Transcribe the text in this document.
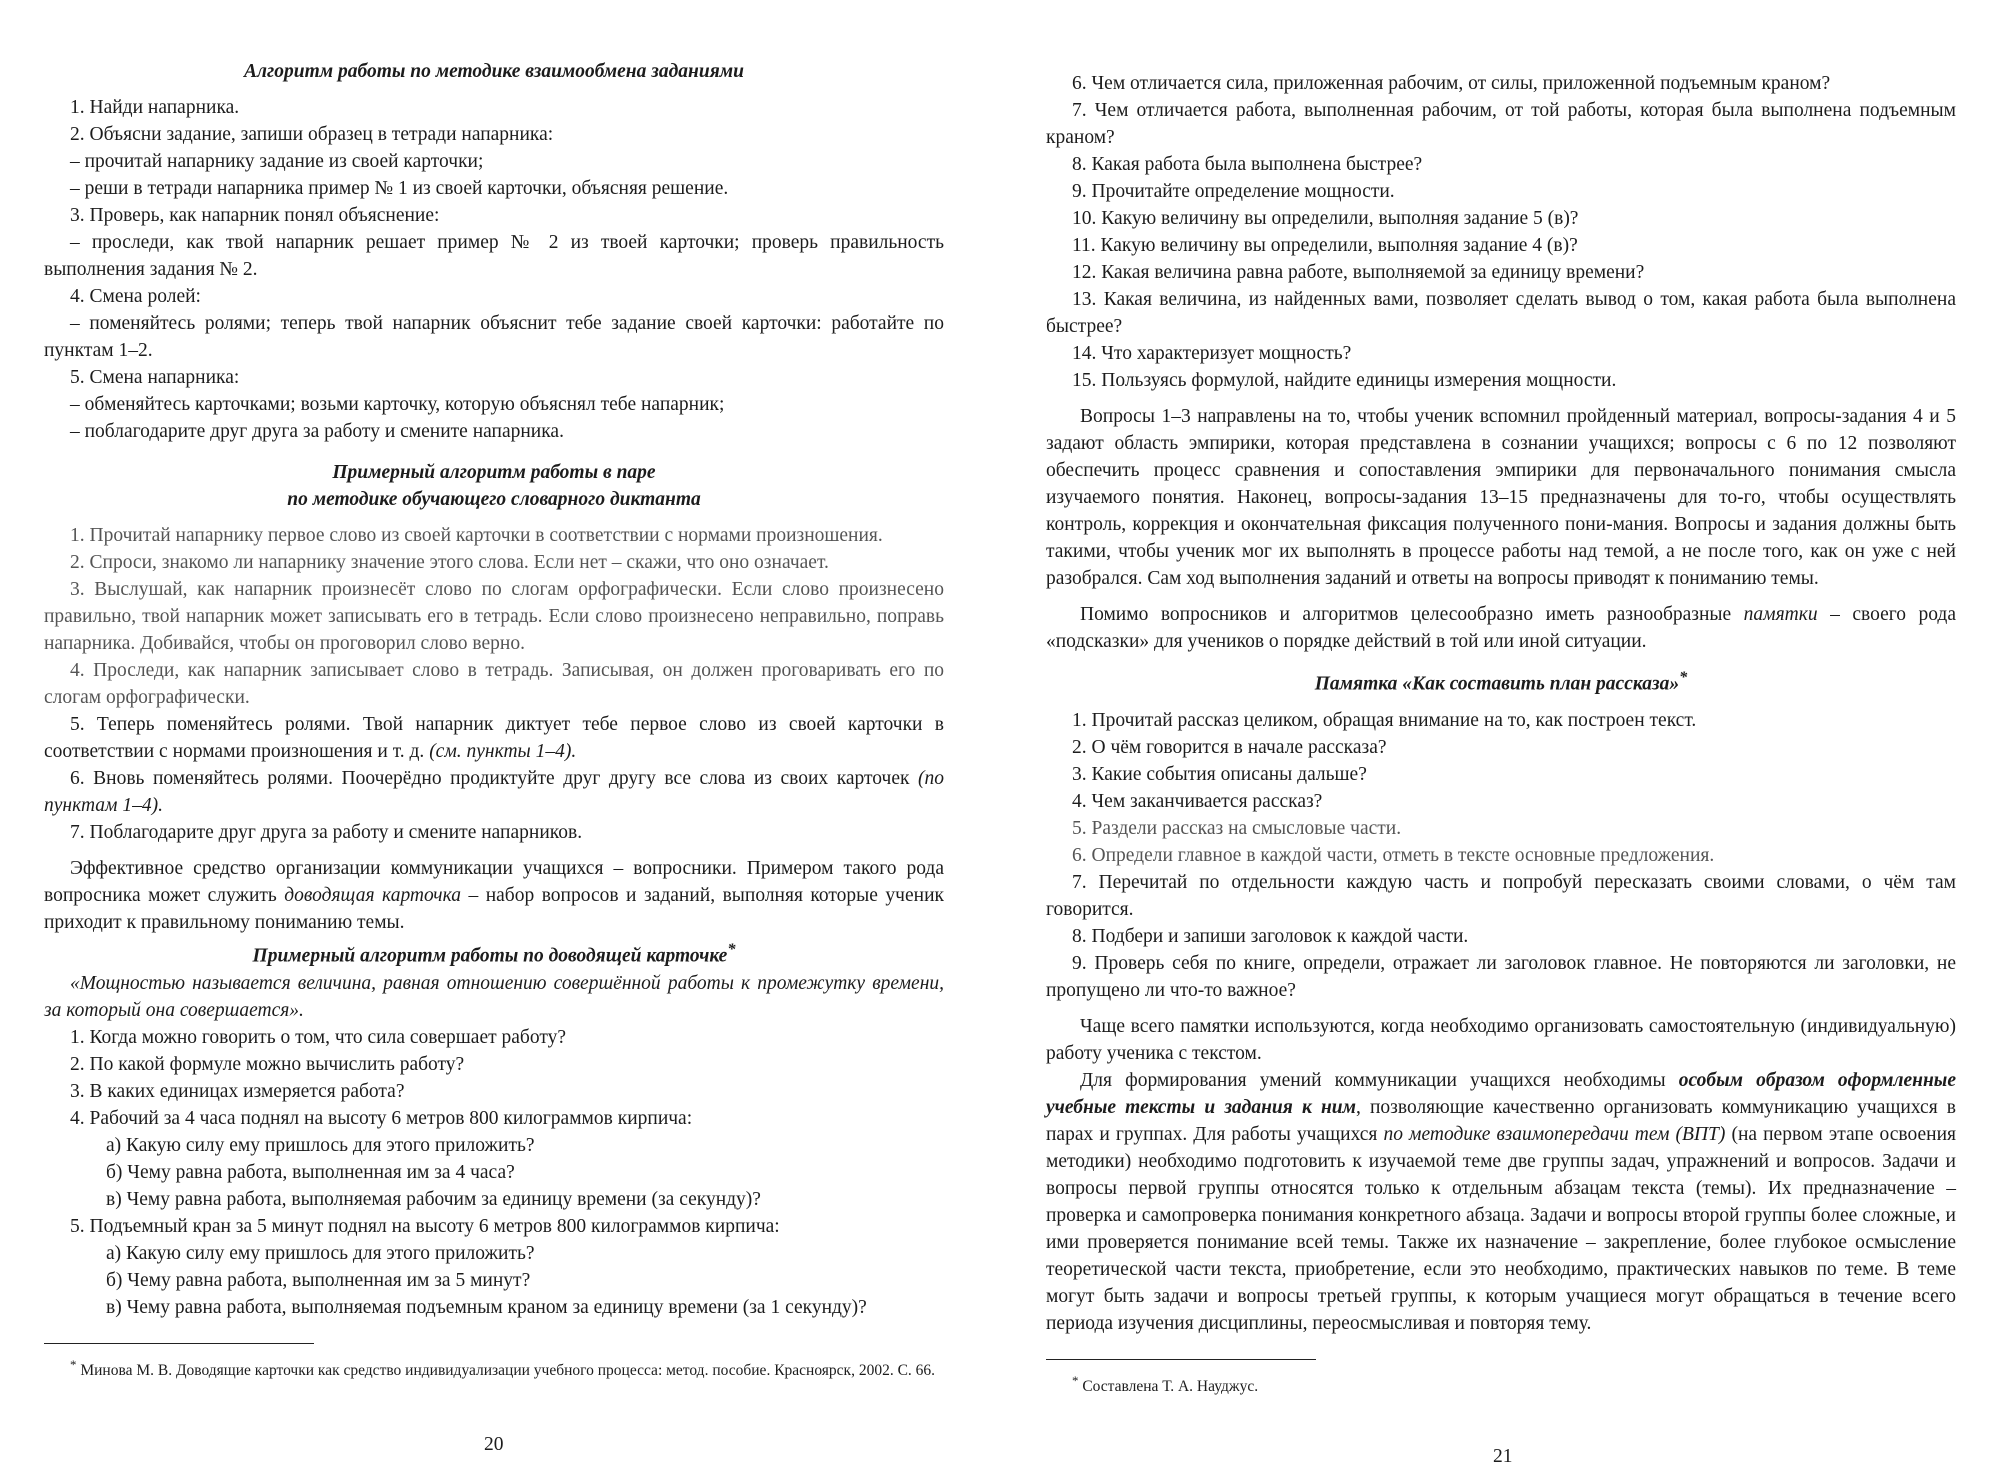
Алгоритм работы по методике взаимообмена заданиями

1. Найди напарника.

2. Объясни задание, запиши образец в тетради напарника:

– прочитай напарнику задание из своей карточки;

– реши в тетради напарника пример № 1 из своей карточки, объясняя решение.

3. Проверь, как напарник понял объяснение:

– проследи, как твой напарник решает пример № 2 из твоей карточки; проверь правильность выполнения задания № 2.

4. Смена ролей:

– поменяйтесь ролями; теперь твой напарник объяснит тебе задание своей карточки: работайте по пунктам 1–2.

5. Смена напарника:

– обменяйтесь карточками; возьми карточку, которую объяснял тебе напарник;

– поблагодарите друг друга за работу и смените напарника.

Примерный алгоритм работы в паре

по методике обучающего словарного диктанта

1. Прочитай напарнику первое слово из своей карточки в соответствии с нормами произношения.

2. Спроси, знакомо ли напарнику значение этого слова. Если нет – скажи, что оно означает.

3. Выслушай, как напарник произнесёт слово по слогам орфографически. Если слово произнесено правильно, твой напарник может записывать его в тетрадь. Если слово произнесено неправильно, поправь напарника. Добивайся, чтобы он проговорил слово верно.

4. Проследи, как напарник записывает слово в тетрадь. Записывая, он должен проговаривать его по слогам орфографически.

5. Теперь поменяйтесь ролями. Твой напарник диктует тебе первое слово из своей карточки в соответствии с нормами произношения и т. д. (см. пункты 1–4).

6. Вновь поменяйтесь ролями. Поочерёдно продиктуйте друг другу все слова из своих карточек (по пунктам 1–4).

7. Поблагодарите друг друга за работу и смените напарников.

Эффективное средство организации коммуникации учащихся – вопросники. Примером такого рода вопросника может служить доводящая карточка – набор вопросов и заданий, выполняя которые ученик приходит к правильному пониманию темы.

Примерный алгоритм работы по доводящей карточке*

«Мощностью называется величина, равная отношению совершённой работы к промежутку времени, за который она совершается».

1. Когда можно говорить о том, что сила совершает работу?

2. По какой формуле можно вычислить работу?

3. В каких единицах измеряется работа?

4. Рабочий за 4 часа поднял на высоту 6 метров 800 килограммов кирпича:

а) Какую силу ему пришлось для этого приложить?

б) Чему равна работа, выполненная им за 4 часа?

в) Чему равна работа, выполняемая рабочим за единицу времени (за секунду)?

5. Подъемный кран за 5 минут поднял на высоту 6 метров 800 килограммов кирпича:

а) Какую силу ему пришлось для этого приложить?

б) Чему равна работа, выполненная им за 5 минут?

в) Чему равна работа, выполняемая подъемным краном за единицу времени (за 1 секунду)?

* Минова М. В. Доводящие карточки как средство индивидуализации учебного процесса: метод. пособие. Красноярск, 2002. С. 66.

20

6. Чем отличается сила, приложенная рабочим, от силы, приложенной подъемным краном?

7. Чем отличается работа, выполненная рабочим, от той работы, которая была выполнена подъемным краном?

8. Какая работа была выполнена быстрее?

9. Прочитайте определение мощности.

10. Какую величину вы определили, выполняя задание 5 (в)?

11. Какую величину вы определили, выполняя задание 4 (в)?

12. Какая величина равна работе, выполняемой за единицу времени?

13. Какая величина, из найденных вами, позволяет сделать вывод о том, какая работа была выполнена быстрее?

14. Что характеризует мощность?

15. Пользуясь формулой, найдите единицы измерения мощности.

Вопросы 1–3 направлены на то, чтобы ученик вспомнил пройденный материал, вопросы-задания 4 и 5 задают область эмпирики, которая представлена в сознании учащихся; вопросы с 6 по 12 позволяют обеспечить процесс сравнения и сопоставления эмпирики для первоначального понимания смысла изучаемого понятия. Наконец, вопросы-задания 13–15 предназначены для то-го, чтобы осуществлять контроль, коррекция и окончательная фиксация полученного пони-мания. Вопросы и задания должны быть такими, чтобы ученик мог их выполнять в процессе работы над темой, а не после того, как он уже с ней разобрался. Сам ход выполнения заданий и ответы на вопросы приводят к пониманию темы.

Помимо вопросников и алгоритмов целесообразно иметь разнообразные памятки – своего рода «подсказки» для учеников о порядке действий в той или иной ситуации.

Памятка «Как составить план рассказа»*

1. Прочитай рассказ целиком, обращая внимание на то, как построен текст.

2. О чём говорится в начале рассказа?

3. Какие события описаны дальше?

4. Чем заканчивается рассказ?

5. Раздели рассказ на смысловые части.

6. Определи главное в каждой части, отметь в тексте основные предложения.

7. Перечитай по отдельности каждую часть и попробуй пересказать своими словами, о чём там говорится.

8. Подбери и запиши заголовок к каждой части.

9. Проверь себя по книге, определи, отражает ли заголовок главное. Не повторяются ли заголовки, не пропущено ли что-то важное?

Чаще всего памятки используются, когда необходимо организовать самостоятельную (индивидуальную) работу ученика с текстом.

Для формирования умений коммуникации учащихся необходимы особым образом оформленные учебные тексты и задания к ним, позволяющие качественно организовать коммуникацию учащихся в парах и группах. Для работы учащихся по методике взаимопередачи тем (ВПТ) (на первом этапе освоения методики) необходимо подготовить к изучаемой теме две группы задач, упражнений и вопросов. Задачи и вопросы первой группы относятся только к отдельным абзацам текста (темы). Их предназначение – проверка и самопроверка понимания конкретного абзаца. Задачи и вопросы второй группы более сложные, и ими проверяется понимание всей темы. Также их назначение – закрепление, более глубокое осмысление теоретической части текста, приобретение, если это необходимо, практических навыков по теме. В теме могут быть задачи и вопросы третьей группы, к которым учащиеся могут обращаться в течение всего периода изучения дисциплины, переосмысливая и повторяя тему.

* Составлена Т. А. Науджус.

21
